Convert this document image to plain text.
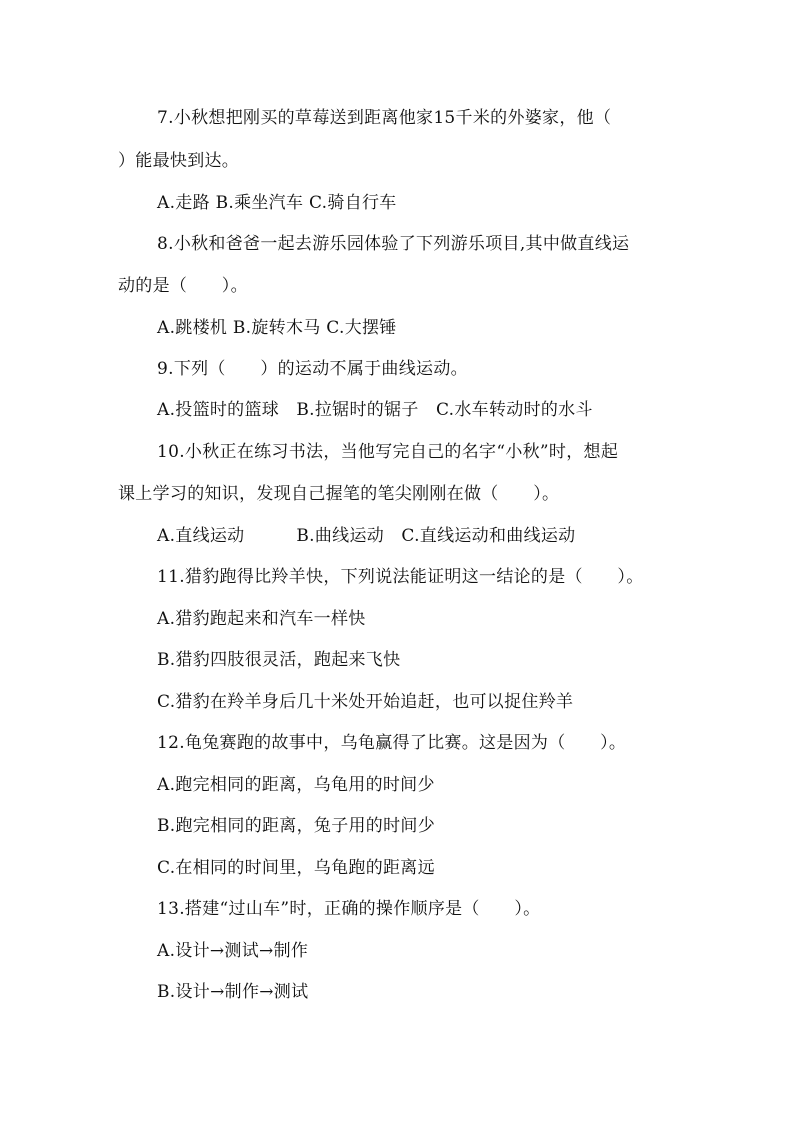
7.小秋想把刚买的草莓送到距离他家15千米的外婆家，他（
）能最快到达。
A.走路 B.乘坐汽车 C.骑自行车
8.小秋和爸爸一起去游乐园体验了下列游乐项目,其中做直线运
动的是（　　）。
A.跳楼机 B.旋转木马 C.大摆锤
9.下列（　　）的运动不属于曲线运动。
A.投篮时的篮球　B.拉锯时的锯子　C.水车转动时的水斗
10.小秋正在练习书法，当他写完自己的名字“小秋”时，想起
课上学习的知识，发现自己握笔的笔尖刚刚在做（　　）。
A.直线运动　　　B.曲线运动　C.直线运动和曲线运动
11.猎豹跑得比羚羊快，下列说法能证明这一结论的是（　　）。
A.猎豹跑起来和汽车一样快
B.猎豹四肢很灵活，跑起来飞快
C.猎豹在羚羊身后几十米处开始追赶，也可以捉住羚羊
12.龟兔赛跑的故事中，乌龟赢得了比赛。这是因为（　　）。
A.跑完相同的距离，乌龟用的时间少
B.跑完相同的距离，兔子用的时间少
C.在相同的时间里，乌龟跑的距离远
13.搭建“过山车”时，正确的操作顺序是（　　）。
A.设计→测试→制作
B.设计→制作→测试
